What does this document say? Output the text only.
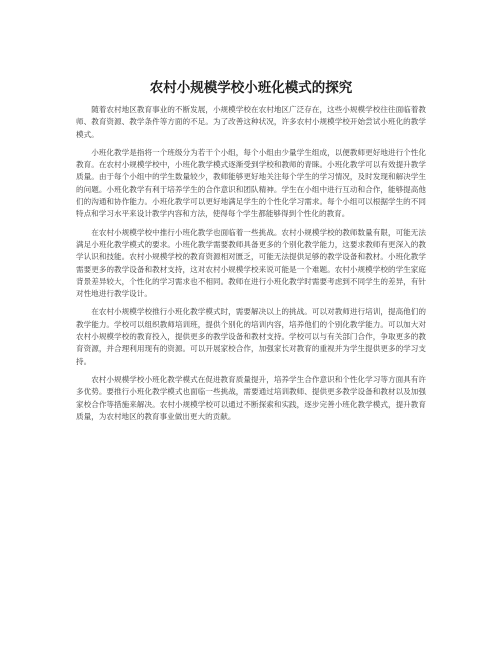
农村小规模学校小班化模式的探究

随着农村地区教育事业的不断发展，小规模学校在农村地区广泛存在，这些小规模学校往往面临着教师、教育资源、教学条件等方面的不足。为了改善这种状况，许多农村小规模学校开始尝试小班化的教学模式。

小班化教学是指将一个班级分为若干个小组，每个小组由少量学生组成，以便教师更好地进行个性化教育。在农村小规模学校中，小班化教学模式逐渐受到学校和教师的青睐。小班化教学可以有效提升教学质量。由于每个小组中的学生数量较少，教师能够更好地关注每个学生的学习情况，及时发现和解决学生的问题。小班化教学有利于培养学生的合作意识和团队精神。学生在小组中进行互动和合作，能够提高他们的沟通和协作能力。小班化教学可以更好地满足学生的个性化学习需求。每个小组可以根据学生的不同特点和学习水平来设计教学内容和方法，使得每个学生都能够得到个性化的教育。

在农村小规模学校中推行小班化教学也面临着一些挑战。农村小规模学校的教师数量有限，可能无法满足小班化教学模式的要求。小班化教学需要教师具备更多的个别化教学能力，这要求教师有更深入的教学认识和技能。农村小规模学校的教育资源相对匮乏，可能无法提供足够的教学设备和教材。小班化教学需要更多的教学设备和教材支持，这对农村小规模学校来说可能是一个难题。农村小规模学校的学生家庭背景差异较大，个性化的学习需求也不相同。教师在进行小班化教学时需要考虑到不同学生的差异，有针对性地进行教学设计。

在农村小规模学校推行小班化教学模式时，需要解决以上的挑战。可以对教师进行培训，提高他们的教学能力。学校可以组织教师培训班，提供个别化的培训内容，培养他们的个别化教学能力。可以加大对农村小规模学校的教育投入，提供更多的教学设备和教材支持。学校可以与有关部门合作，争取更多的教育资源，并合理利用现有的资源。可以开展家校合作，加强家长对教育的重视并为学生提供更多的学习支持。

农村小规模学校小班化教学模式在促进教育质量提升，培养学生合作意识和个性化学习等方面具有许多优势。要推行小班化教学模式也面临一些挑战，需要通过培训教师、提供更多教学设备和教材以及加强家校合作等措施来解决。农村小规模学校可以通过不断探索和实践，逐步完善小班化教学模式，提升教育质量，为农村地区的教育事业做出更大的贡献。
